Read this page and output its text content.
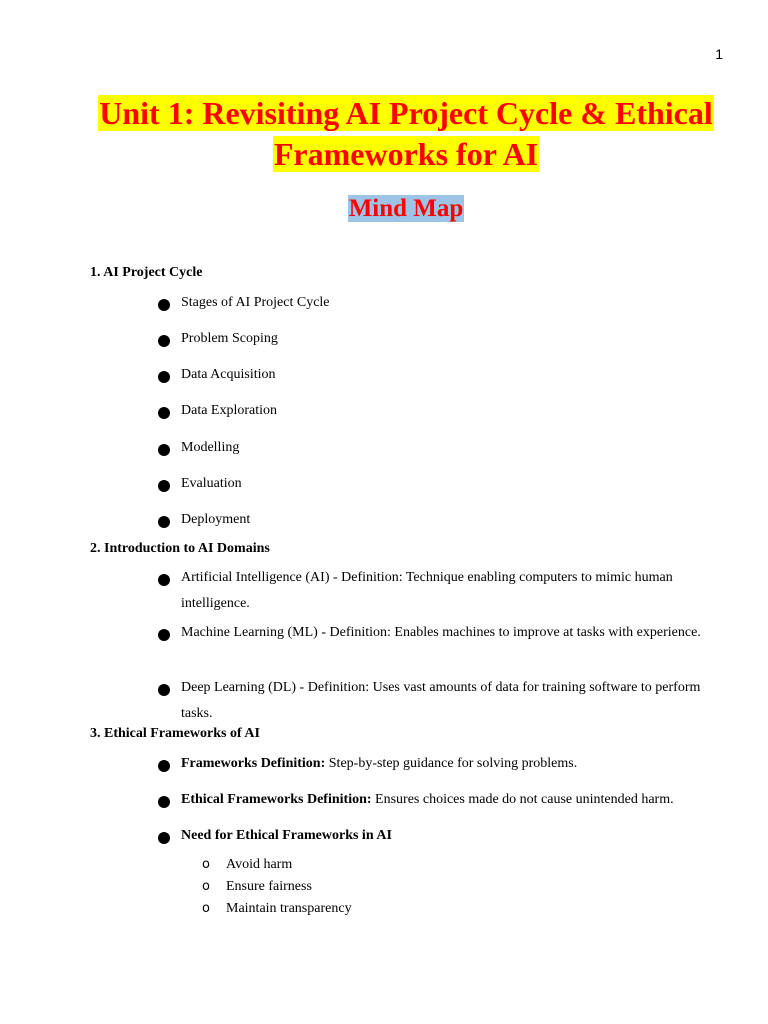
1
Unit 1: Revisiting AI Project Cycle & Ethical
Frameworks for AI
Mind Map
1. AI Project Cycle
Stages of AI Project Cycle
Problem Scoping
Data Acquisition
Data Exploration
Modelling
Evaluation
Deployment
2. Introduction to AI Domains
Artificial Intelligence (AI) - Definition: Technique enabling computers to mimic human intelligence.
Machine Learning (ML) - Definition: Enables machines to improve at tasks with experience.
Deep Learning (DL) - Definition: Uses vast amounts of data for training software to perform tasks.
3. Ethical Frameworks of AI
Frameworks Definition: Step-by-step guidance for solving problems.
Ethical Frameworks Definition: Ensures choices made do not cause unintended harm.
Need for Ethical Frameworks in AI
o Avoid harm
o Ensure fairness
o Maintain transparency
